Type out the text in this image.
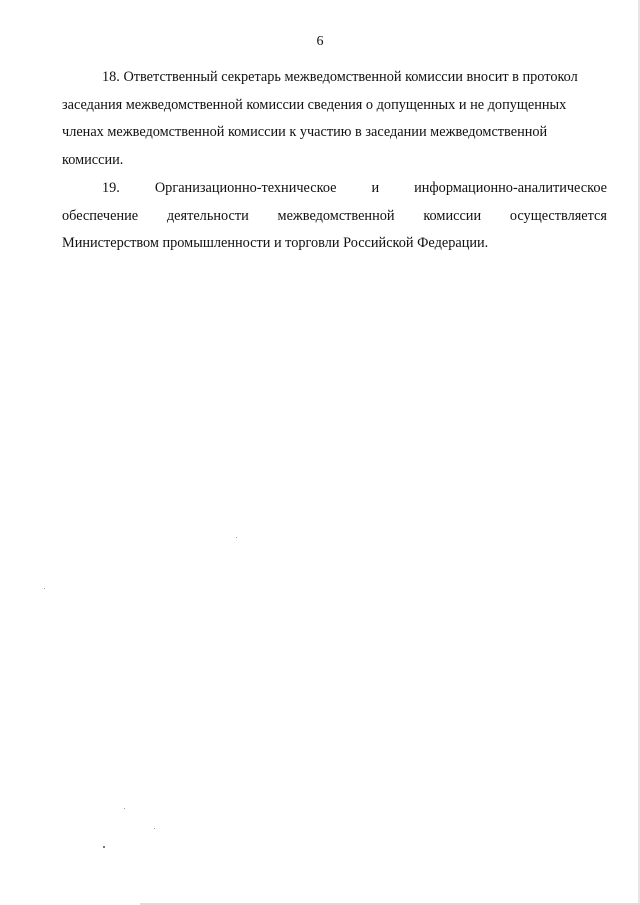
6
18. Ответственный секретарь межведомственной комиссии вносит в протокол
заседания межведомственной комиссии сведения о допущенных и не допущенных
членах межведомственной комиссии к участию в заседании межведомственной
комиссии.
19. Организационно-техническое и информационно-аналитическое
обеспечение деятельности межведомственной комиссии осуществляется
Министерством промышленности и торговли Российской Федерации.
